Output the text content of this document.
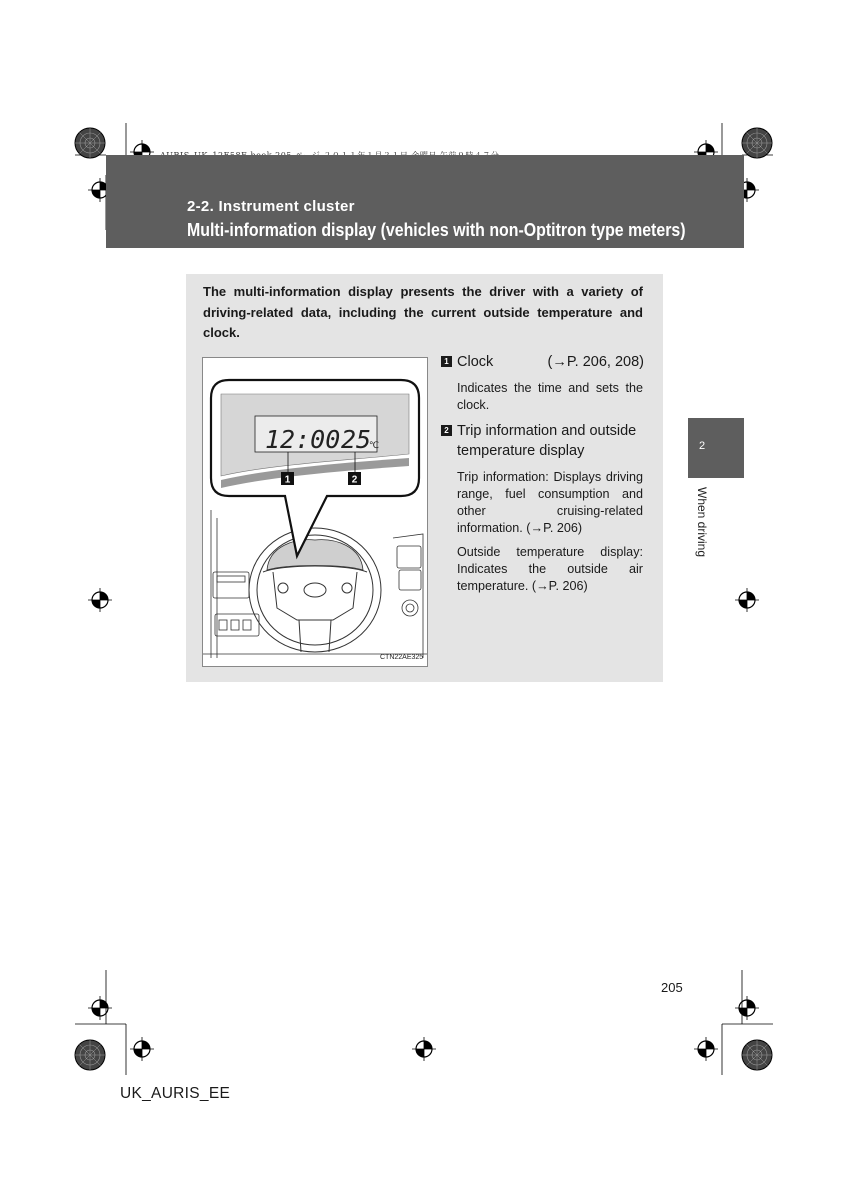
2-2. Instrument cluster
Multi-information display (vehicles with non-Optitron type meters)
2
When driving
The multi-information display presents the driver with a variety of driving-related data, including the current outside temperature and clock.
12:00 25
℃
1	2
CTN22AE325
1 Clock	(→P. 206, 208)
Indicates the time and sets the clock.
2 Trip information and outside temperature display
Trip information: Displays driving range, fuel consumption and other cruising-related information. (→P. 206)
Outside temperature display: Indicates the outside air temperature. (→P. 206)
205
UK_AURIS_EE
